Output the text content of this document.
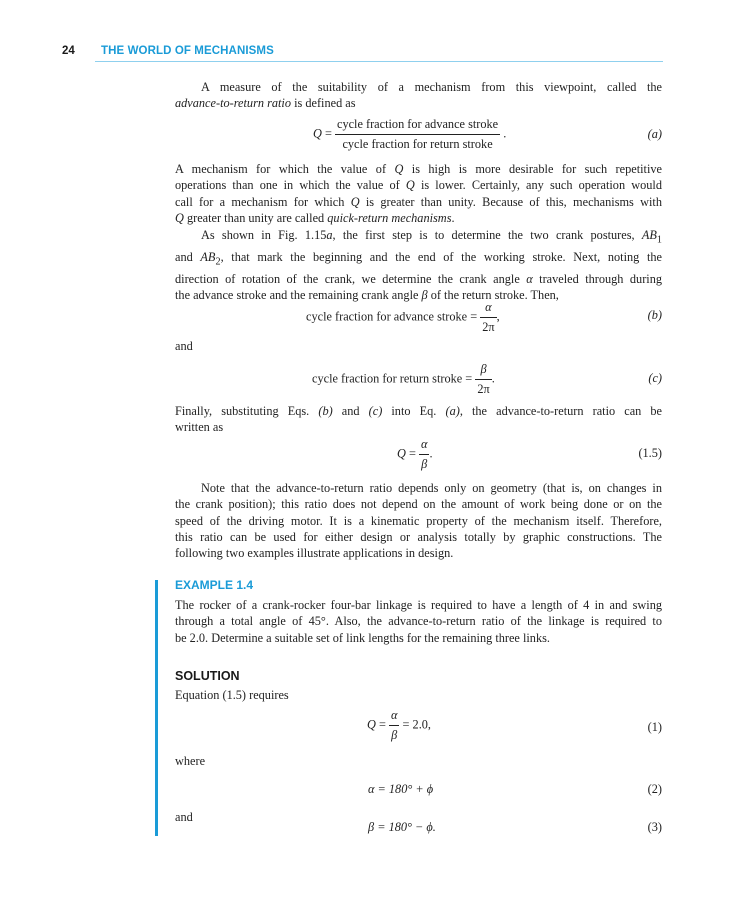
24 THE WORLD OF MECHANISMS

A measure of the suitability of a mechanism from this viewpoint, called the
advance-to-return ratio is defined as

$Q = \frac{\text{cycle fraction for advance stroke}}{\text{cycle fraction for return stroke}}$ .	(a)

A mechanism for which the value of Q is high is more desirable for such repetitive
operations than one in which the value of Q is lower. Certainly, any such operation would
call for a mechanism for which Q is greater than unity. Because of this, mechanisms with
Q greater than unity are called quick-return mechanisms.

As shown in Fig. 1.15a, the first step is to determine the two crank postures, $AB_1$
and $AB_2$, that mark the beginning and the end of the working stroke. Next, noting the
direction of rotation of the crank, we determine the crank angle α traveled through during
the advance stroke and the remaining crank angle β of the return stroke. Then,

cycle fraction for advance stroke = $\frac{\alpha}{2\pi}$ ,	(b)
and
cycle fraction for return stroke = $\frac{\beta}{2\pi}$ .	(c)

Finally, substituting Eqs. (b) and (c) into Eq. (a), the advance-to-return ratio can be
written as

$Q = \frac{\alpha}{\beta}$ .	(1.5)

Note that the advance-to-return ratio depends only on geometry (that is, on changes in
the crank position); this ratio does not depend on the amount of work being done or on the
speed of the driving motor. It is a kinematic property of the mechanism itself. Therefore,
this ratio can be used for either design or analysis totally by graphic constructions. The
following two examples illustrate applications in design.

EXAMPLE 1.4

The rocker of a crank-rocker four-bar linkage is required to have a length of 4 in and swing
through a total angle of 45°. Also, the advance-to-return ratio of the linkage is required to
be 2.0. Determine a suitable set of link lengths for the remaining three links.

SOLUTION
Equation (1.5) requires
$Q = \frac{\alpha}{\beta} = 2.0$,	(1)
where
α = 180° + ϕ	(2)
and
β = 180° − ϕ.	(3)
